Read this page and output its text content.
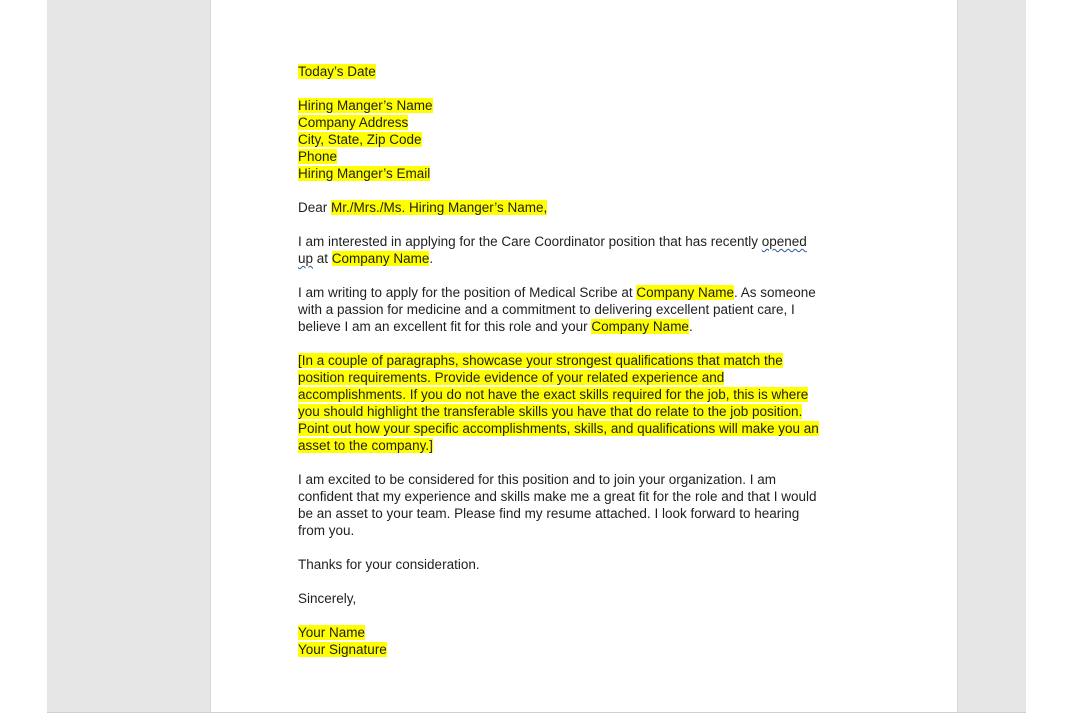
Today’s Date
Hiring Manger’s Name
Company Address
City, State, Zip Code
Phone
Hiring Manger’s Email
Dear Mr./Mrs./Ms. Hiring Manger’s Name,
I am interested in applying for the Care Coordinator position that has recently opened
up at Company Name.
I am writing to apply for the position of Medical Scribe at Company Name. As someone
with a passion for medicine and a commitment to delivering excellent patient care, I
believe I am an excellent fit for this role and your Company Name.
[In a couple of paragraphs, showcase your strongest qualifications that match the
position requirements. Provide evidence of your related experience and
accomplishments. If you do not have the exact skills required for the job, this is where
you should highlight the transferable skills you have that do relate to the job position.
Point out how your specific accomplishments, skills, and qualifications will make you an
asset to the company.]
I am excited to be considered for this position and to join your organization. I am
confident that my experience and skills make me a great fit for the role and that I would
be an asset to your team. Please find my resume attached. I look forward to hearing
from you.
Thanks for your consideration.
Sincerely,
Your Name
Your Signature
